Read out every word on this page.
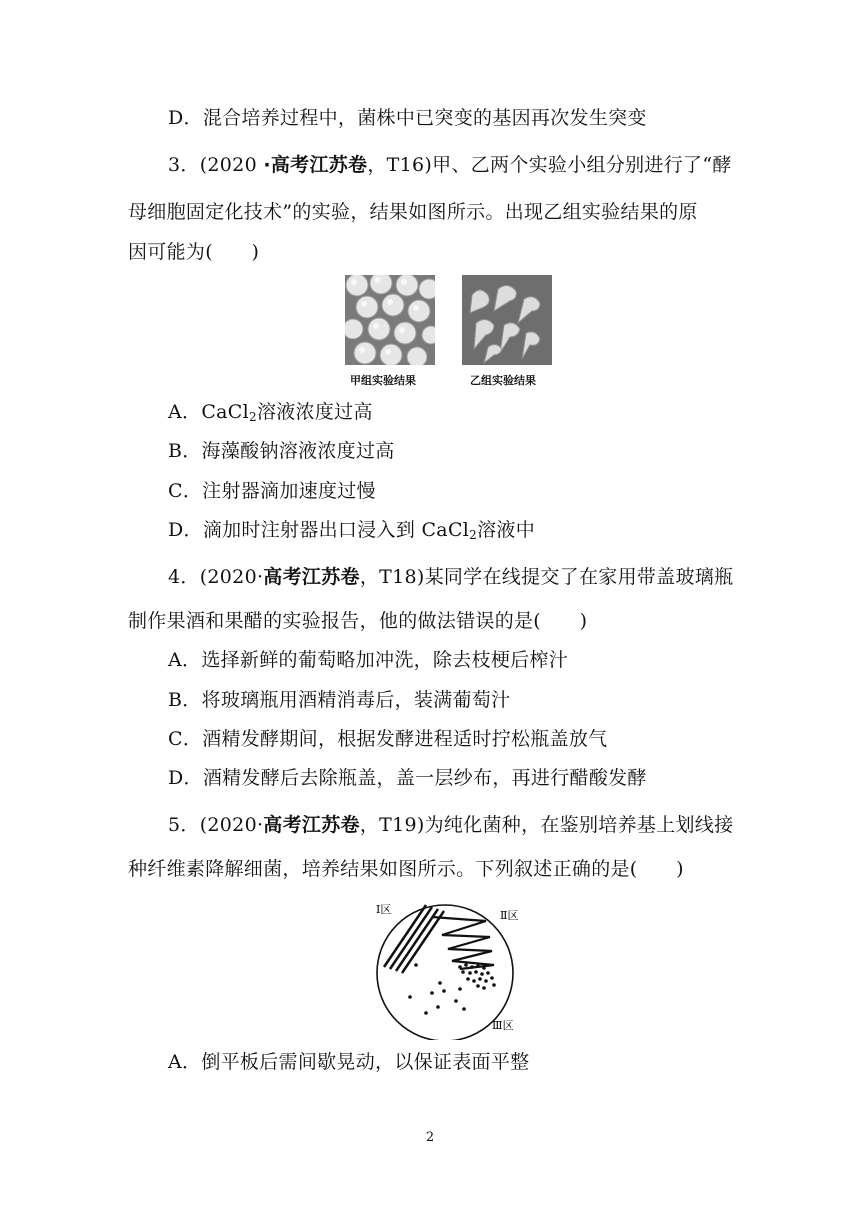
D．混合培养过程中，菌株中已突变的基因再次发生突变
3．(2020 ·高考江苏卷，T16)甲、乙两个实验小组分别进行了“酵
母细胞固定化技术”的实验，结果如图所示。出现乙组实验结果的原
因可能为(　　)
甲组实验结果	乙组实验结果
A．CaCl$_2$溶液浓度过高
B．海藻酸钠溶液浓度过高
C．注射器滴加速度过慢
D．滴加时注射器出口浸入到 CaCl$_2$溶液中
4．(2020·高考江苏卷，T18)某同学在线提交了在家用带盖玻璃瓶
制作果酒和果醋的实验报告，他的做法错误的是(　　)
A．选择新鲜的葡萄略加冲洗，除去枝梗后榨汁
B．将玻璃瓶用酒精消毒后，装满葡萄汁
C．酒精发酵期间，根据发酵进程适时拧松瓶盖放气
D．酒精发酵后去除瓶盖，盖一层纱布，再进行醋酸发酵
5．(2020·高考江苏卷，T19)为纯化菌种，在鉴别培养基上划线接
种纤维素降解细菌，培养结果如图所示。下列叙述正确的是(　　)
Ⅰ区	Ⅱ区
Ⅲ区
A．倒平板后需间歇晃动，以保证表面平整
2
